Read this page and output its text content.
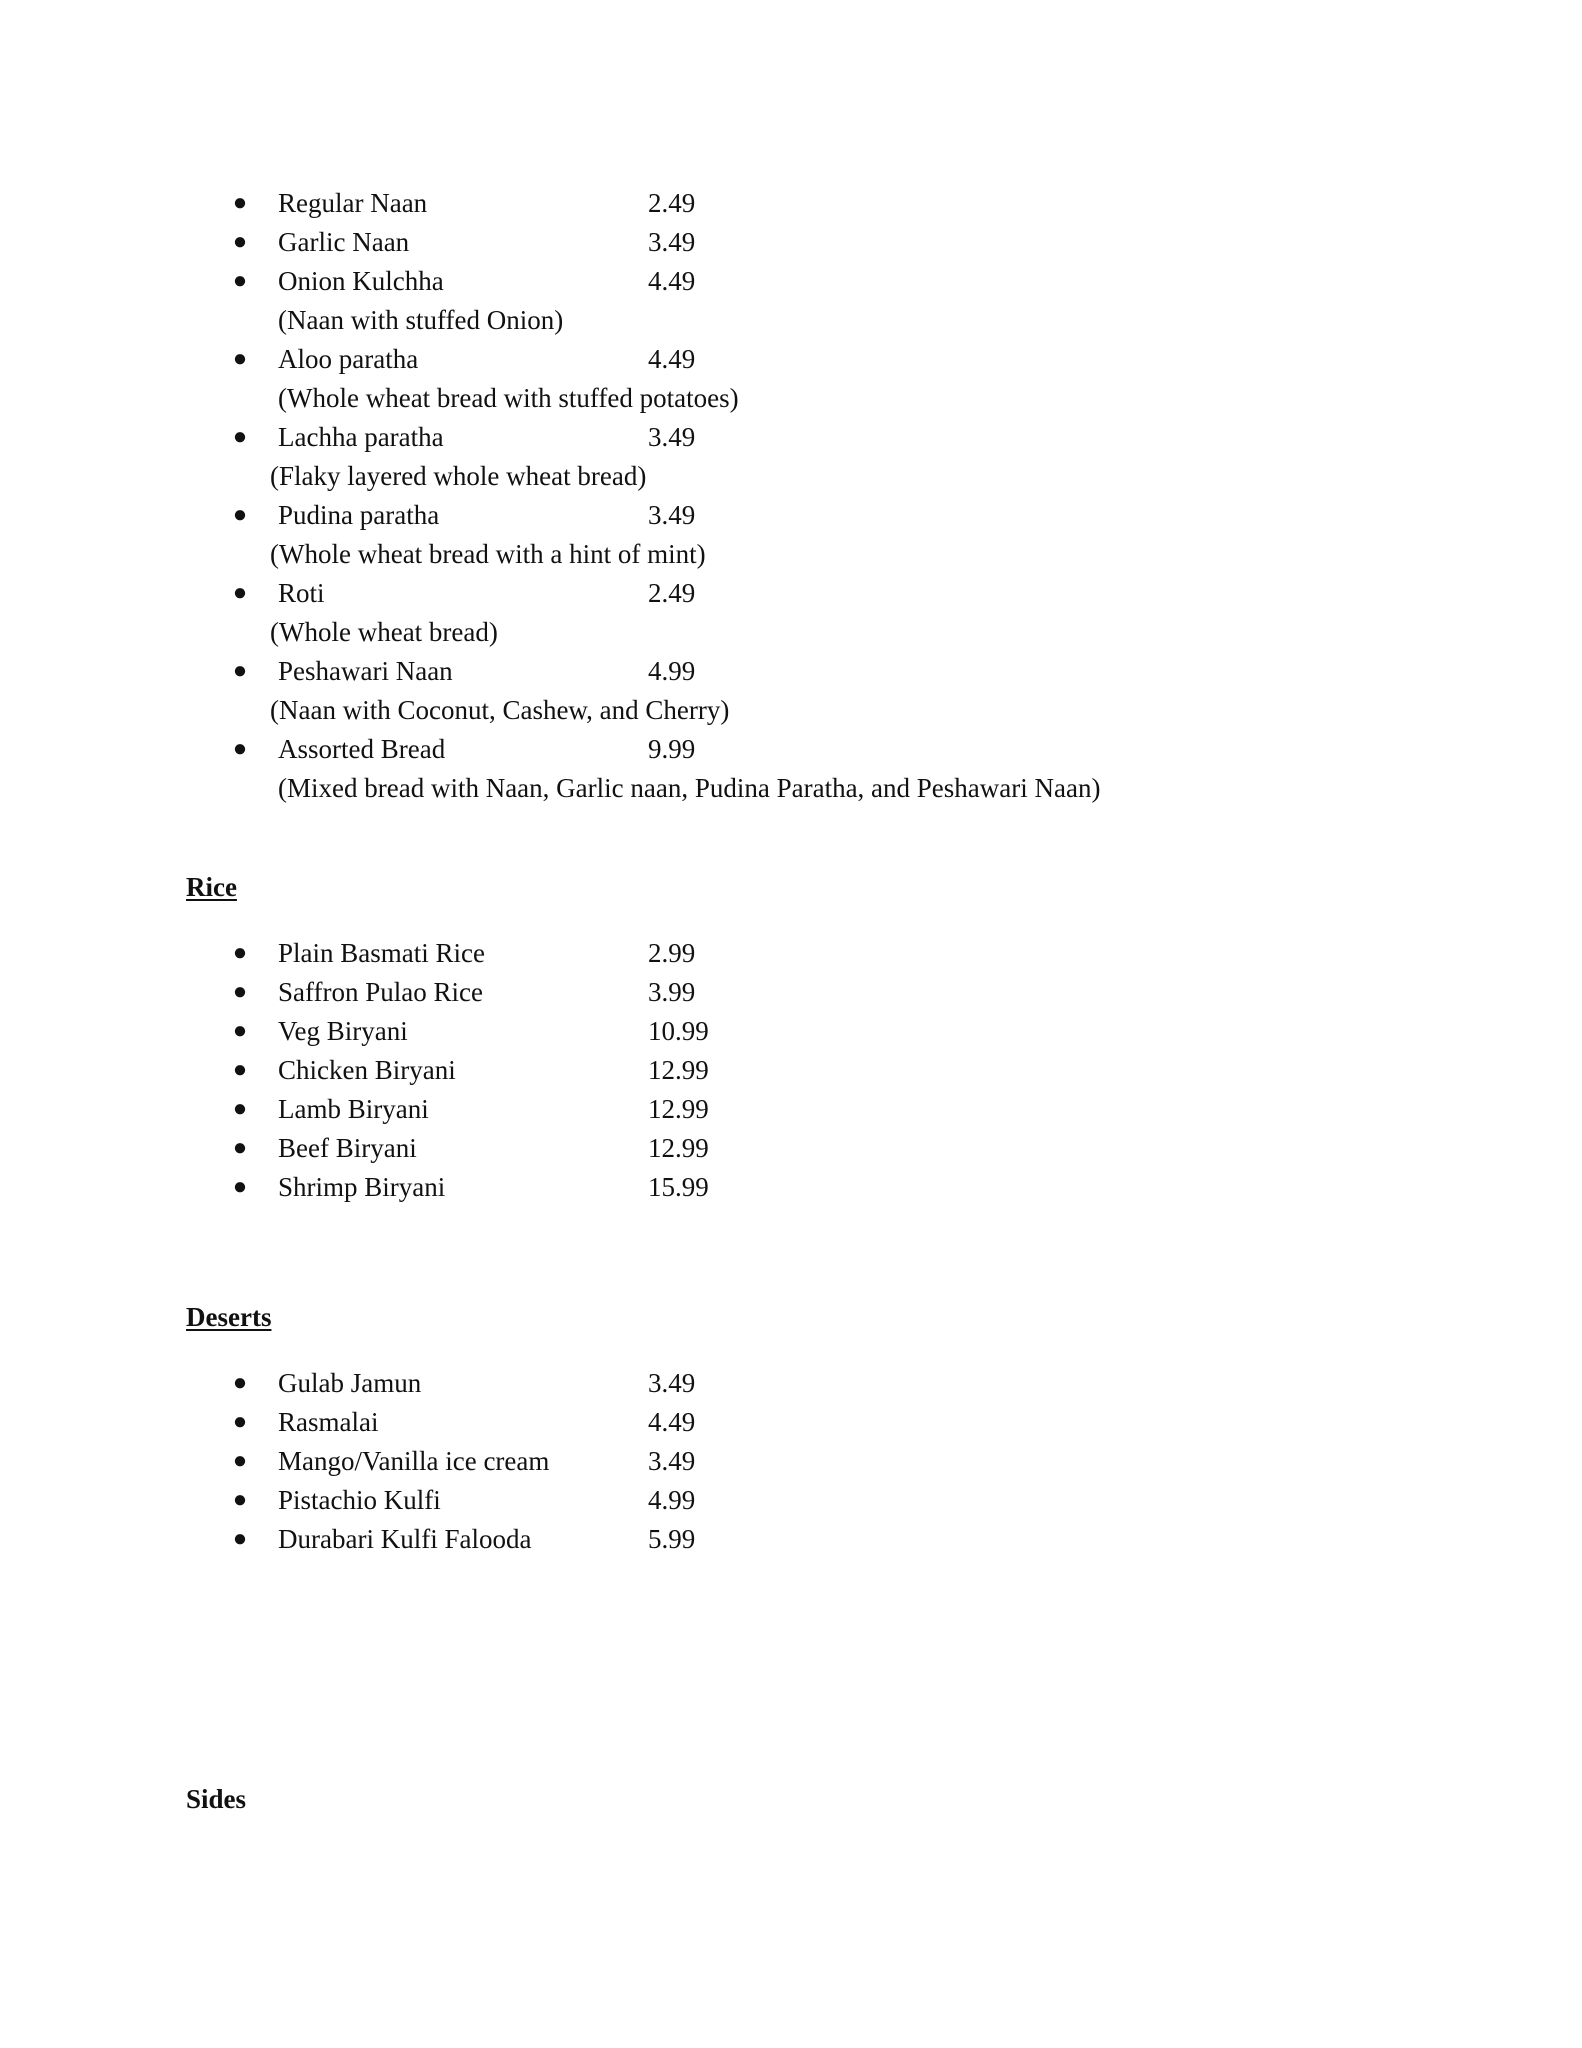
● Regular Naan	2.49
● Garlic Naan	3.49
● Onion Kulchha	4.49
(Naan with stuffed Onion)
● Aloo paratha	4.49
(Whole wheat bread with stuffed potatoes)
● Lachha paratha	3.49
(Flaky layered whole wheat bread)
● Pudina paratha	3.49
(Whole wheat bread with a hint of mint)
● Roti	2.49
(Whole wheat bread)
● Peshawari Naan	4.99
(Naan with Coconut, Cashew, and Cherry)
● Assorted Bread	9.99
(Mixed bread with Naan, Garlic naan, Pudina Paratha, and Peshawari Naan)
Rice
● Plain Basmati Rice	2.99
● Saffron Pulao Rice	3.99
● Veg Biryani	10.99
● Chicken Biryani	12.99
● Lamb Biryani	12.99
● Beef Biryani	12.99
● Shrimp Biryani	15.99
Deserts
● Gulab Jamun	3.49
● Rasmalai	4.49
● Mango/Vanilla ice cream	3.49
● Pistachio Kulfi	4.99
● Durabari Kulfi Falooda	5.99
Sides
